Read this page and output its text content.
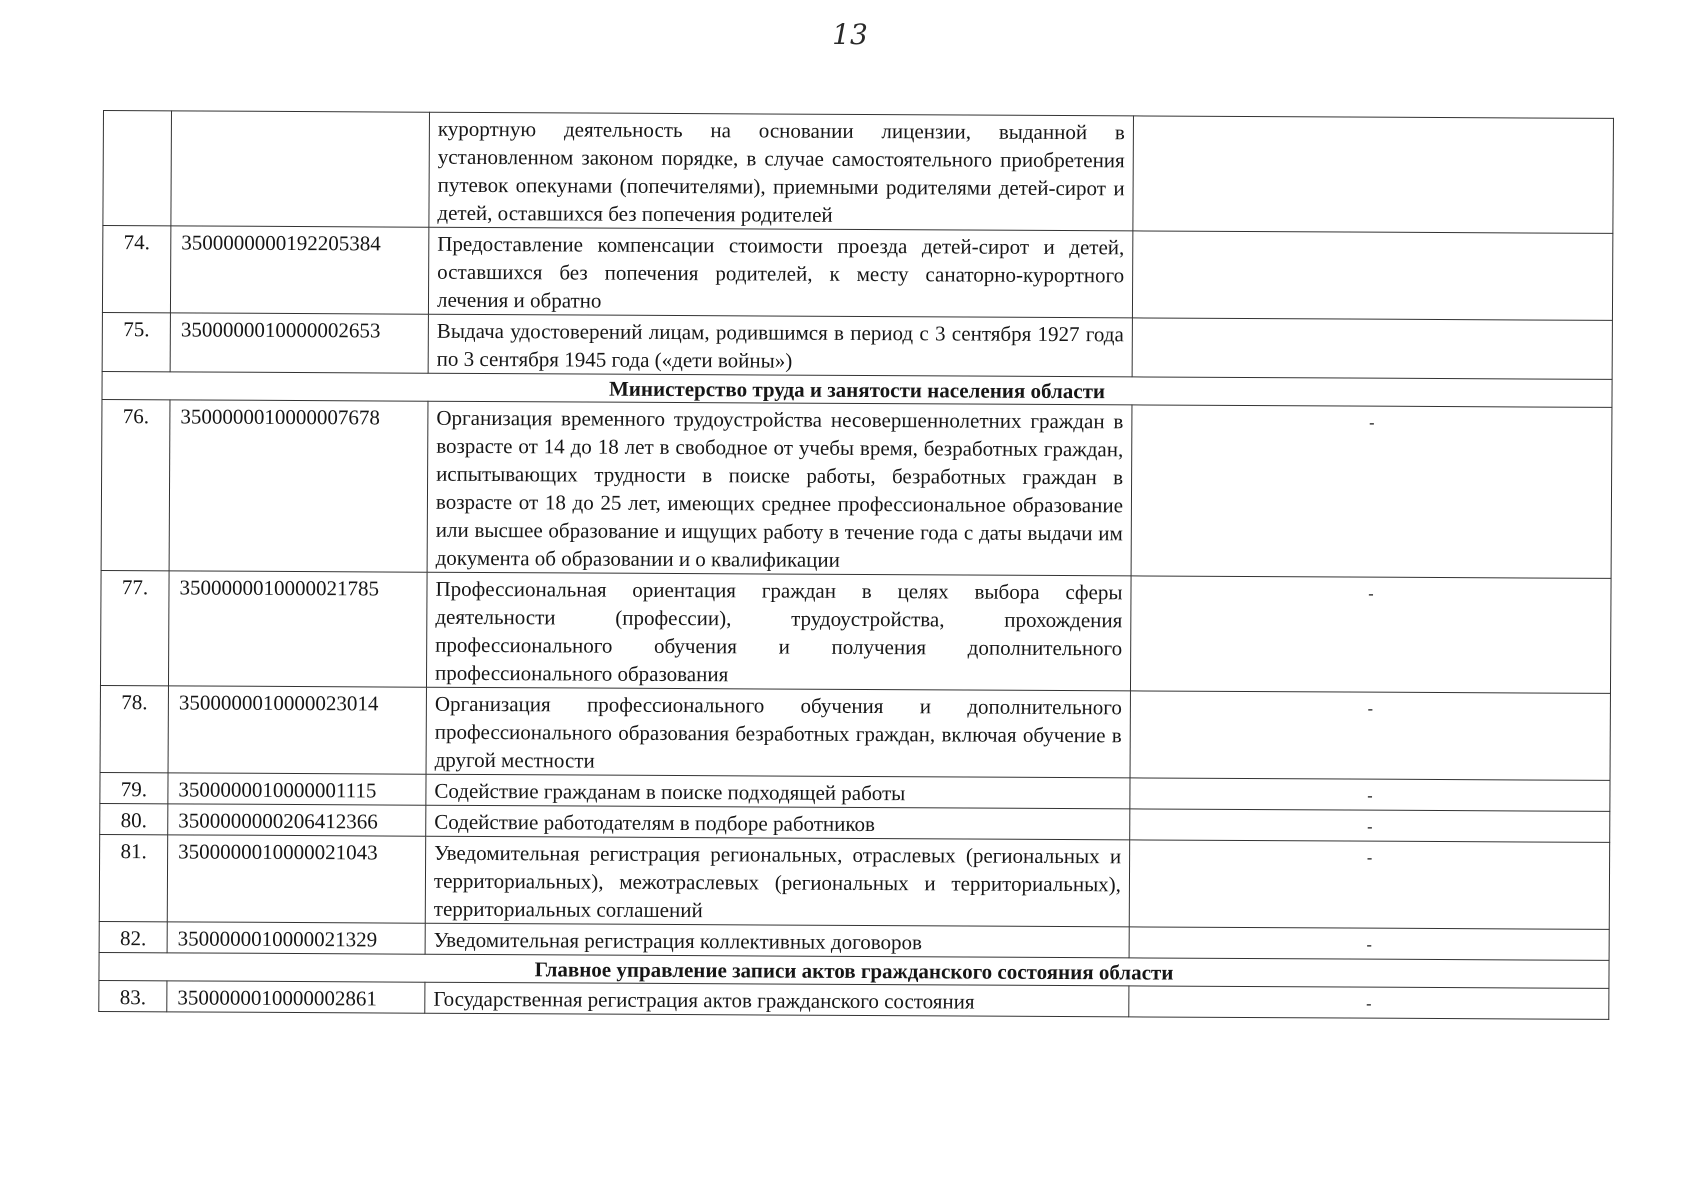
13
		курортную деятельность на основании лицензии, выданной в установленном законом порядке, в случае самостоятельного приобретения путевок опекунами (попечителями), приемными родителями детей-сирот и детей, оставшихся без попечения родителей	
74.	3500000000192205384	Предоставление компенсации стоимости проезда детей-сирот и детей, оставшихся без попечения родителей, к месту санаторно-курортного лечения и обратно	
75.	3500000010000002653	Выдача удостоверений лицам, родившимся в период с 3 сентября 1927 года по 3 сентября 1945 года («дети войны»)	
Министерство труда и занятости населения области			
76.	3500000010000007678	Организация временного трудоустройства несовершеннолетних граждан в возрасте от 14 до 18 лет в свободное от учебы время, безработных граждан, испытывающих трудности в поиске работы, безработных граждан в возрасте от 18 до 25 лет, имеющих среднее профессиональное образование или высшее образование и ищущих работу в течение года с даты выдачи им документа об образовании и о квалификации	-
77.	3500000010000021785	Профессиональная ориентация граждан в целях выбора сферы деятельности (профессии), трудоустройства, прохождения профессионального обучения и получения дополнительного профессионального образования	-
78.	3500000010000023014	Организация профессионального обучения и дополнительного профессионального образования безработных граждан, включая обучение в другой местности	-
79.	3500000010000001115	Содействие гражданам в поиске подходящей работы	-
80.	3500000000206412366	Содействие работодателям в подборе работников	-
81.	3500000010000021043	Уведомительная регистрация региональных, отраслевых (региональных и территориальных), межотраслевых (региональных и территориальных), территориальных соглашений	-
82.	3500000010000021329	Уведомительная регистрация коллективных договоров	-
Главное управление записи актов гражданского состояния области			
83.	3500000010000002861	Государственная регистрация актов гражданского состояния	-
